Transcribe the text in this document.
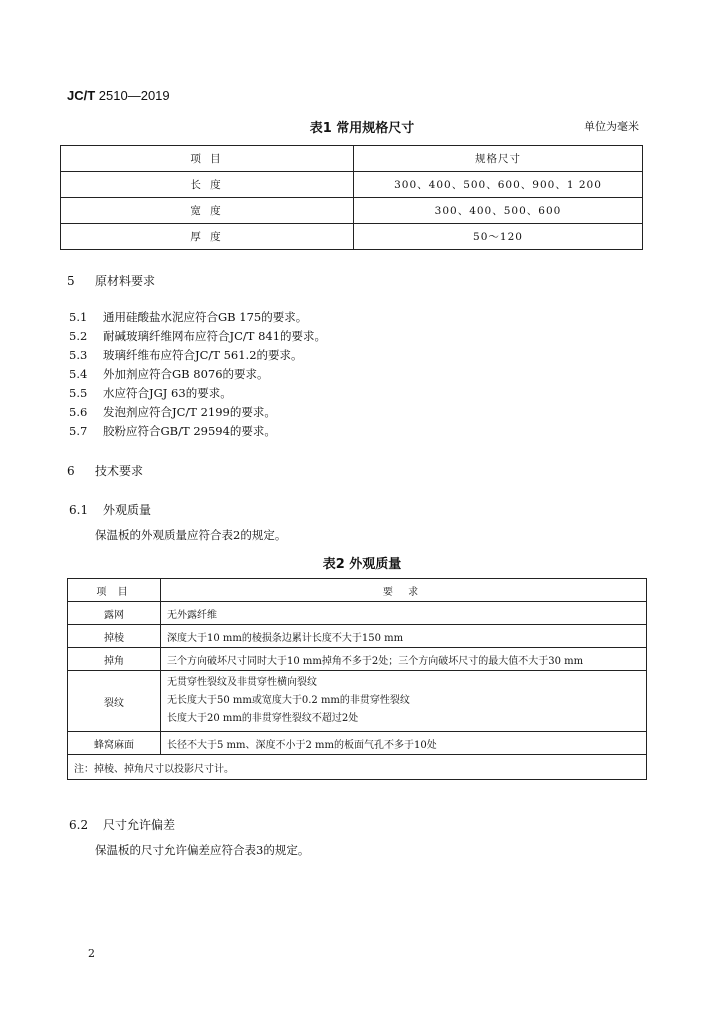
JC/T 2510—2019
表1 常用规格尺寸	单位为毫米
项 目	规格尺寸
长 度	300、400、500、600、900、1 200
宽 度	300、400、500、600
厚 度	50～120
5 原材料要求
5.1 通用硅酸盐水泥应符合GB 175的要求。
5.2 耐碱玻璃纤维网布应符合JC/T 841的要求。
5.3 玻璃纤维布应符合JC/T 561.2的要求。
5.4 外加剂应符合GB 8076的要求。
5.5 水应符合JGJ 63的要求。
5.6 发泡剂应符合JC/T 2199的要求。
5.7 胶粉应符合GB/T 29594的要求。
6 技术要求
6.1 外观质量
保温板的外观质量应符合表2的规定。
表2 外观质量
项 目	要 求
露网	无外露纤维
掉棱	深度大于10 mm的棱损条边累计长度不大于150 mm
掉角	三个方向破坏尺寸同时大于10 mm掉角不多于2处；三个方向破坏尺寸的最大值不大于30 mm
裂纹	无贯穿性裂纹及非贯穿性横向裂纹
无长度大于50 mm或宽度大于0.2 mm的非贯穿性裂纹
长度大于20 mm的非贯穿性裂纹不超过2处

蜂窝麻面	长径不大于5 mm、深度不小于2 mm的板面气孔不多于10处
注：掉棱、掉角尺寸以投影尺寸计。	
6.2 尺寸允许偏差
保温板的尺寸允许偏差应符合表3的规定。
2
